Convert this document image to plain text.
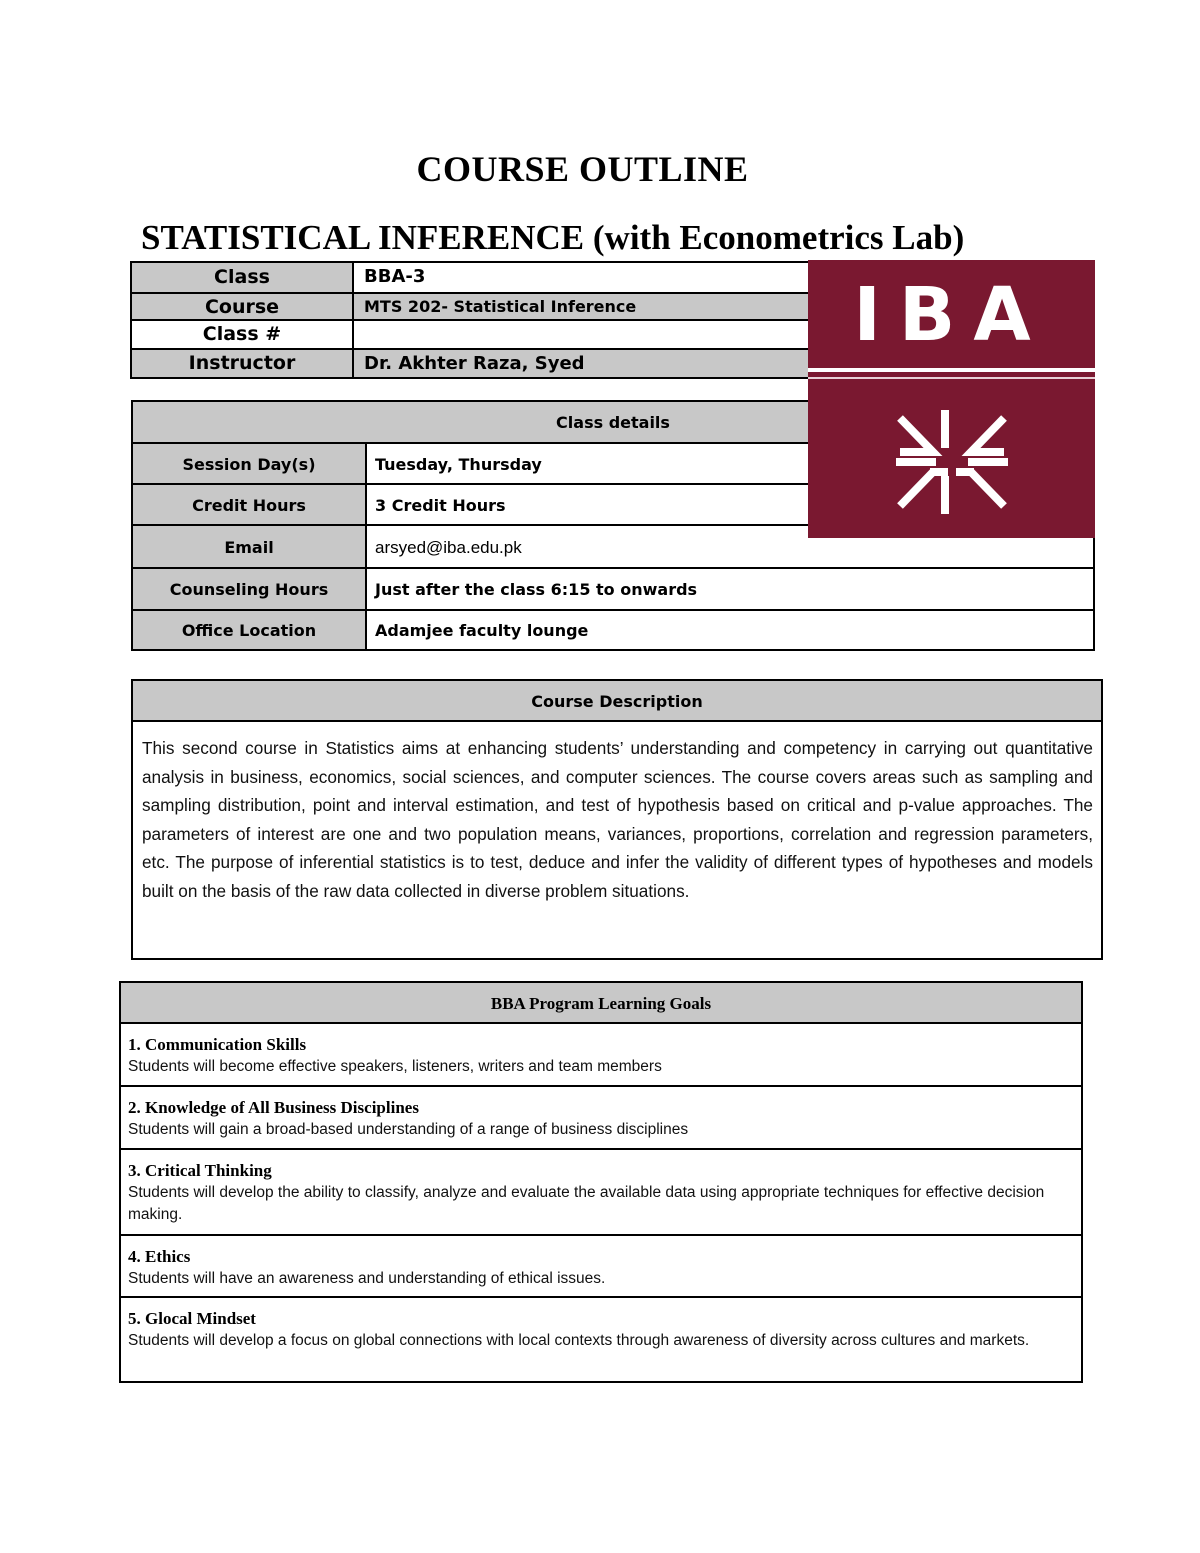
COURSE OUTLINE
STATISTICAL INFERENCE (with Econometrics Lab)
Class	BBA-3
Course	MTS 202- Statistical Inference
Class #
Instructor	Dr. Akhter Raza, Syed
Class details
Session Day(s)	Tuesday, Thursday
Credit Hours	3 Credit Hours
Email	arsyed@iba.edu.pk
Counseling Hours	Just after the class 6:15 to onwards
Office Location	Adamjee faculty lounge
IBA
Course Description
This second course in Statistics aims at enhancing students’ understanding and competency in carrying out quantitative analysis in business, economics, social sciences, and computer sciences. The course covers areas such as sampling and sampling distribution, point and interval estimation, and test of hypothesis based on critical and p-value approaches. The parameters of interest are one and two population means, variances, proportions, correlation and regression parameters, etc. The purpose of inferential statistics is to test, deduce and infer the validity of different types of hypotheses and models built on the basis of the raw data collected in diverse problem situations.
BBA Program Learning Goals
1. Communication Skills
Students will become effective speakers, listeners, writers and team members
2. Knowledge of All Business Disciplines
Students will gain a broad-based understanding of a range of business disciplines
3. Critical Thinking
Students will develop the ability to classify, analyze and evaluate the available data using appropriate techniques for effective decision making.
4. Ethics
Students will have an awareness and understanding of ethical issues.
5. Glocal Mindset
Students will develop a focus on global connections with local contexts through awareness of diversity across cultures and markets.
